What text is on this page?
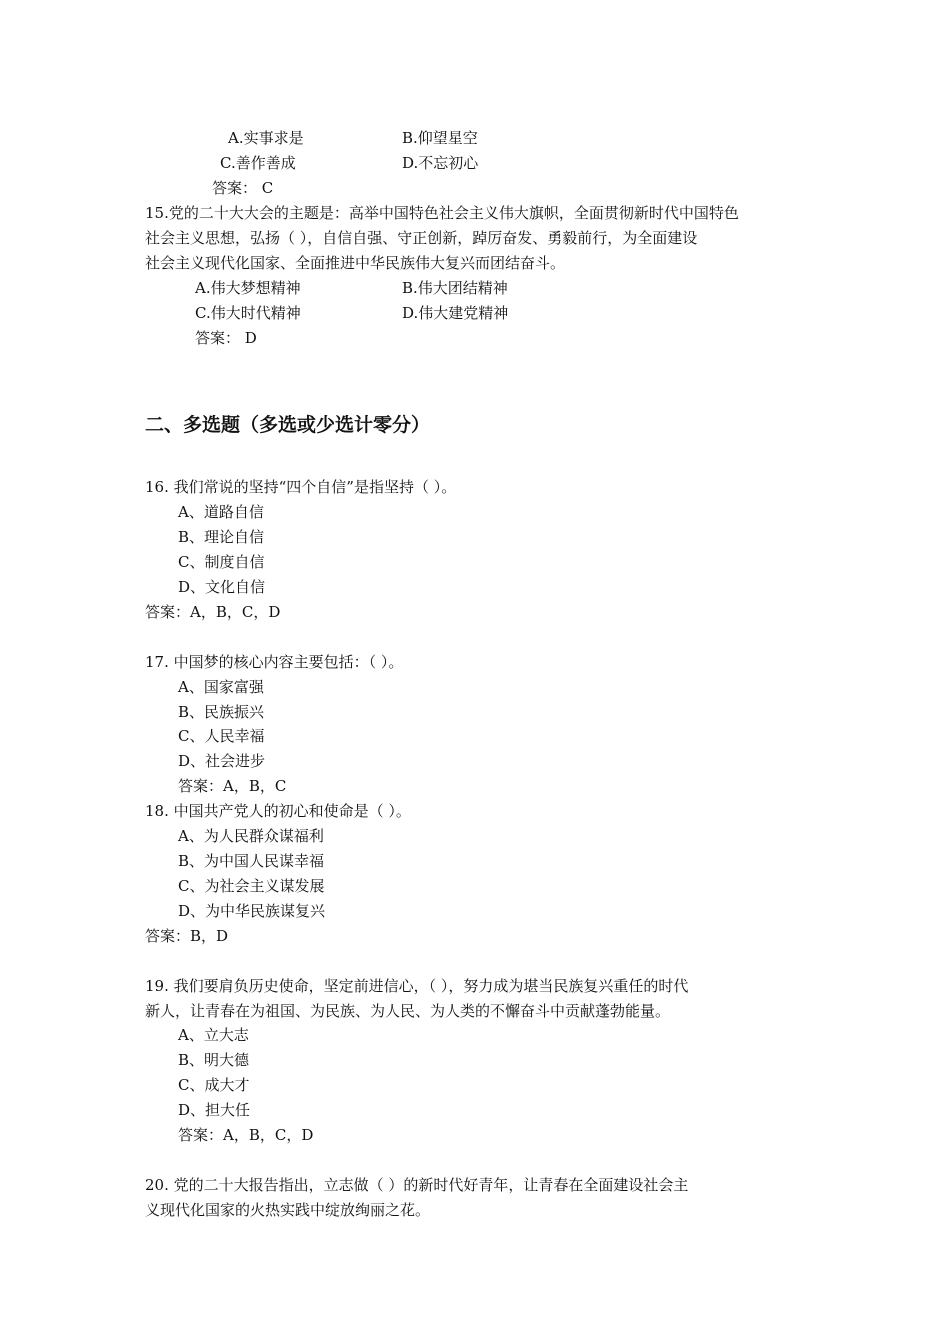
A.实事求是	B.仰望星空
C.善作善成	D.不忘初心
答案： C
15.党的二十大大会的主题是：高举中国特色社会主义伟大旗帜，全面贯彻新时代中国特色
社会主义思想，弘扬（ ），自信自强、守正创新，踔厉奋发、勇毅前行，为全面建设
社会主义现代化国家、全面推进中华民族伟大复兴而团结奋斗。
A.伟大梦想精神	B.伟大团结精神
C.伟大时代精神	D.伟大建党精神
答案： D
二、多选题（多选或少选计零分）
16. 我们常说的坚持“四个自信”是指坚持（ ）。
A、道路自信
B、理论自信
C、制度自信
D、文化自信
答案：A，B，C，D
17. 中国梦的核心内容主要包括：（ ）。
A、国家富强
B、民族振兴
C、人民幸福
D、社会进步
答案：A，B，C
18. 中国共产党人的初心和使命是（ ）。
A、为人民群众谋福利
B、为中国人民谋幸福
C、为社会主义谋发展
D、为中华民族谋复兴
答案：B，D
19. 我们要肩负历史使命，坚定前进信心，（ ），努力成为堪当民族复兴重任的时代
新人，让青春在为祖国、为民族、为人民、为人类的不懈奋斗中贡献蓬勃能量。
A、立大志
B、明大德
C、成大才
D、担大任
答案：A，B，C，D
20. 党的二十大报告指出，立志做（ ）的新时代好青年，让青春在全面建设社会主
义现代化国家的火热实践中绽放绚丽之花。
